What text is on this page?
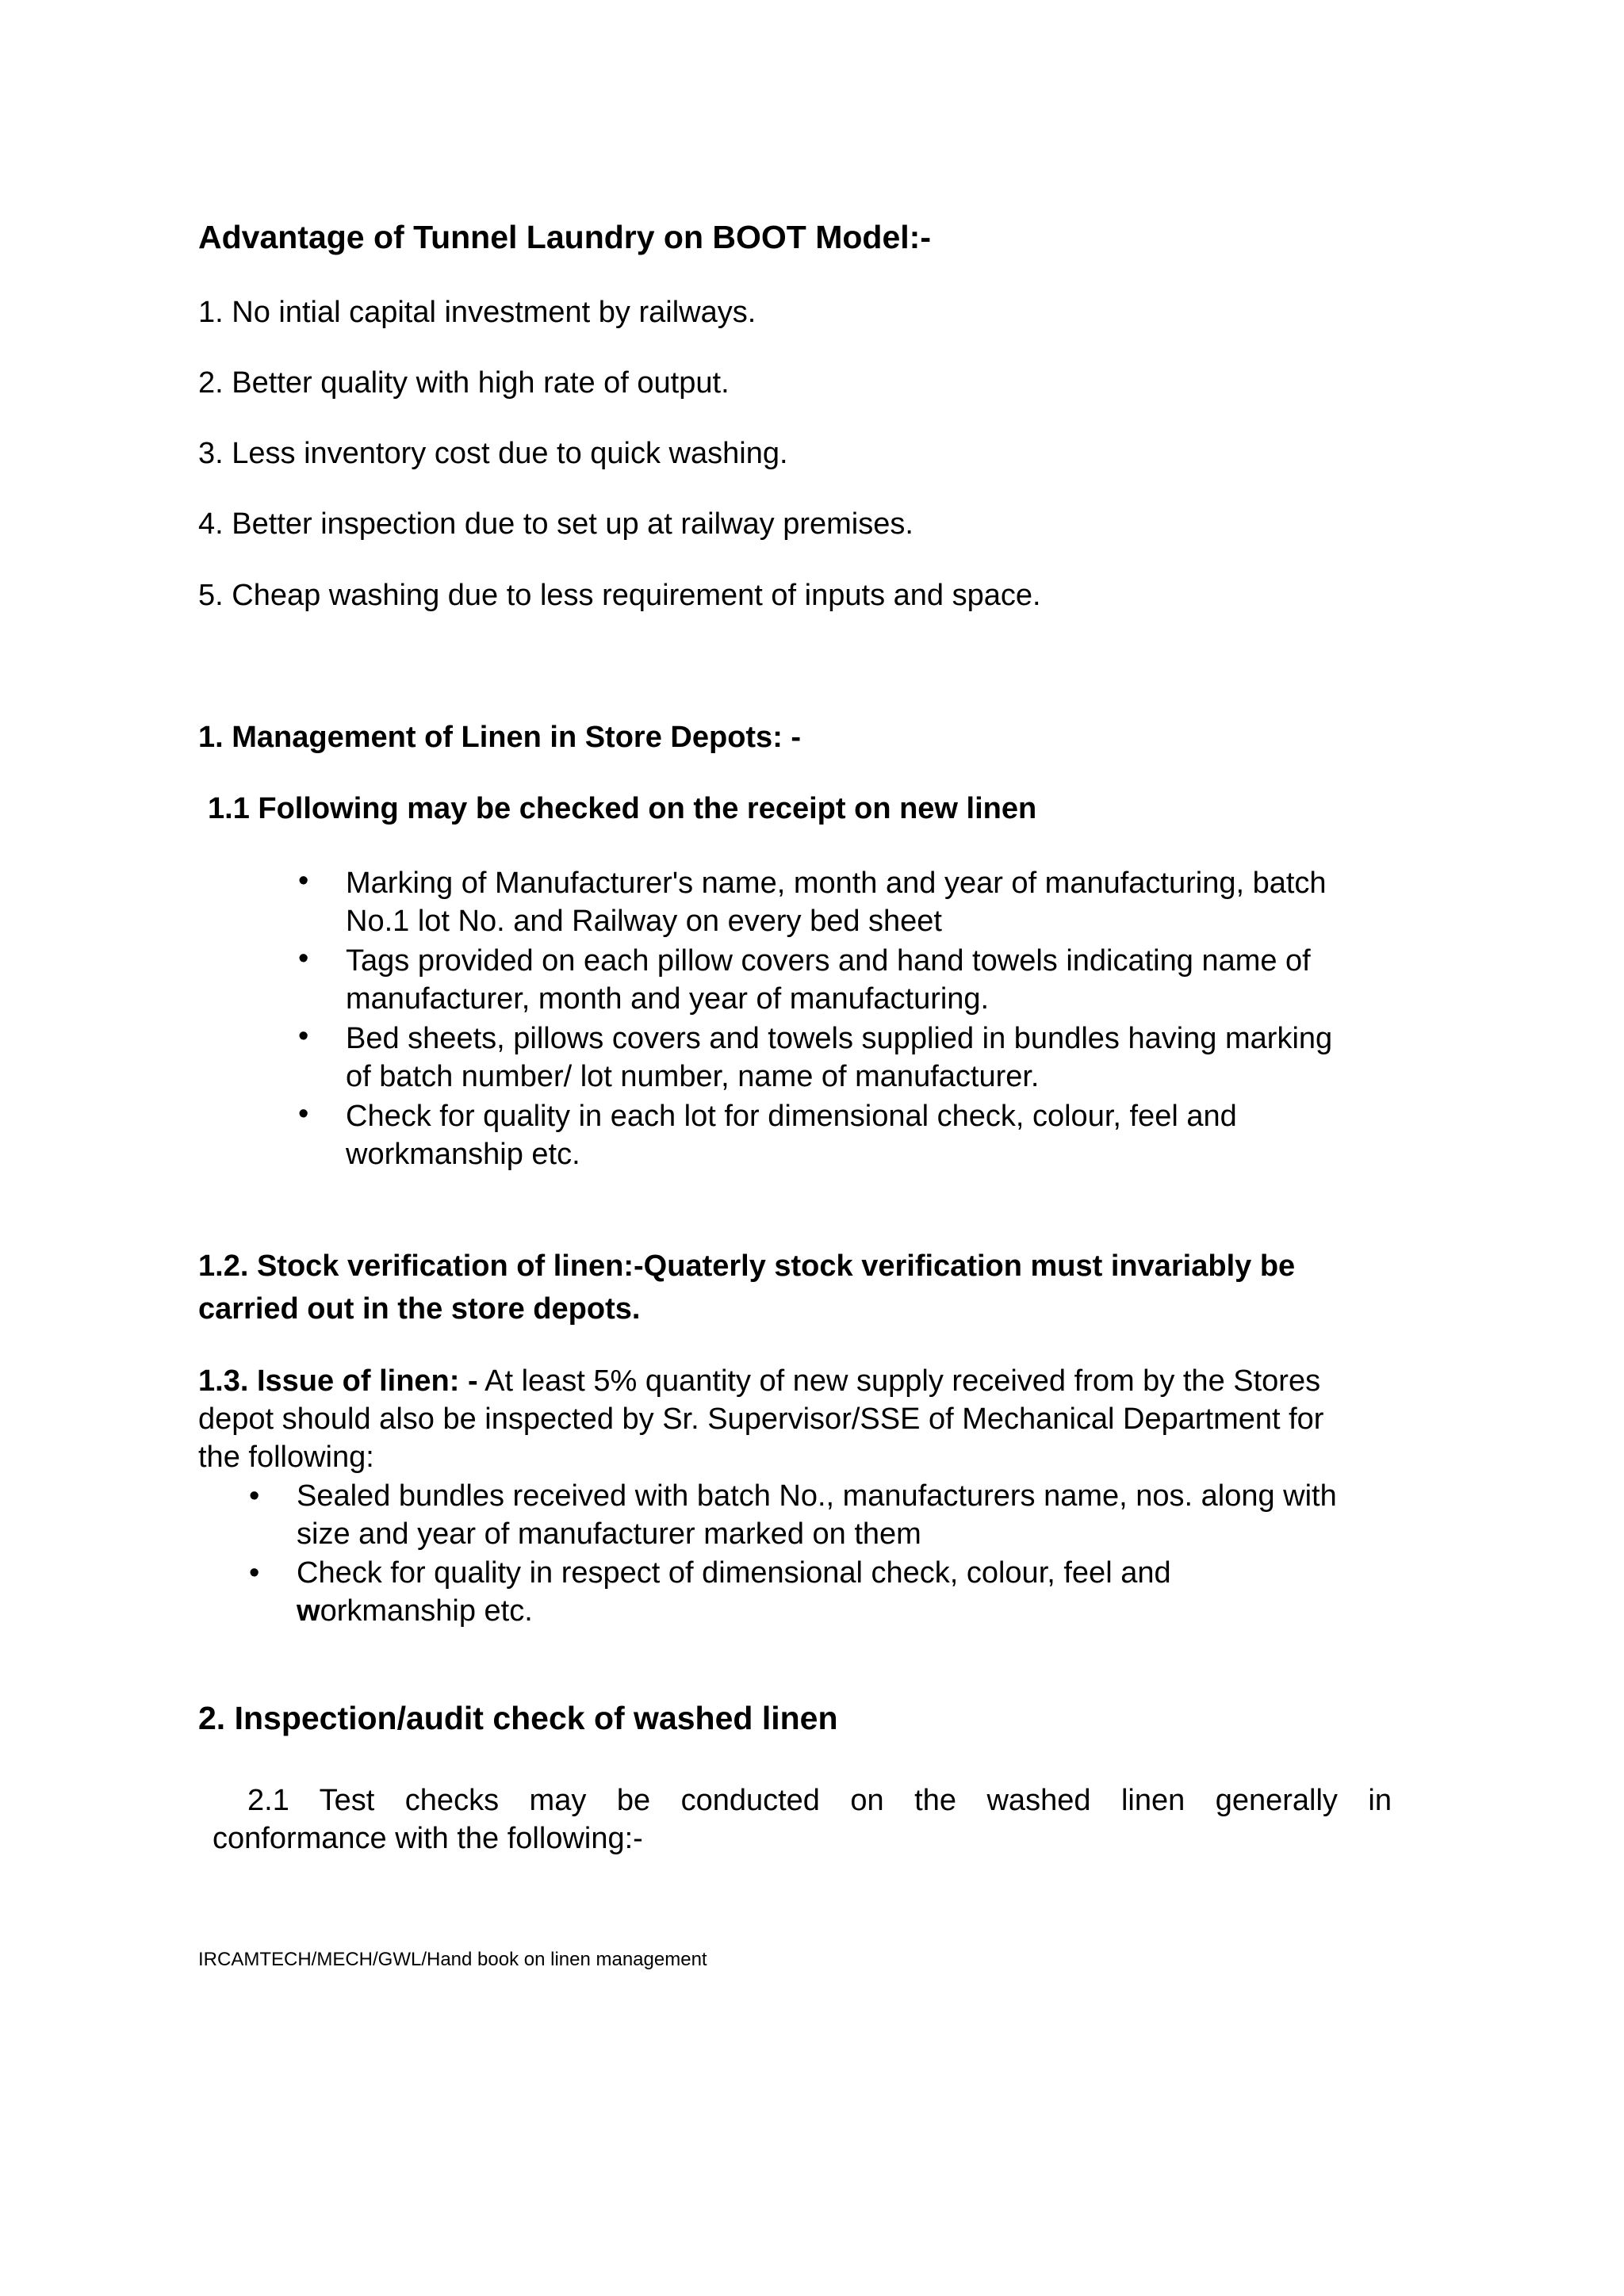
Advantage of Tunnel Laundry on BOOT Model:-
1. No intial capital investment by railways.
2. Better quality with high rate of output.
3. Less inventory cost due to quick washing.
4. Better inspection due to set up at railway premises.
5. Cheap washing due to less requirement of inputs and space.
1. Management of Linen in Store Depots: -
1.1 Following may be checked on the receipt on new linen
• Marking of Manufacturer's name, month and year of manufacturing, batch
No.1 lot No. and Railway on every bed sheet
• Tags provided on each pillow covers and hand towels indicating name of
manufacturer, month and year of manufacturing.
• Bed sheets, pillows covers and towels supplied in bundles having marking
of batch number/ lot number, name of manufacturer.
• Check for quality in each lot for dimensional check, colour, feel and
workmanship etc.
1.2. Stock verification of linen:-Quaterly stock verification must invariably be
carried out in the store depots.
1.3. Issue of linen: - At least 5% quantity of new supply received from by the Stores
depot should also be inspected by Sr. Supervisor/SSE of Mechanical Department for
the following:
• Sealed bundles received with batch No., manufacturers name, nos. along with
size and year of manufacturer marked on them
• Check for quality in respect of dimensional check, colour, feel and
workmanship etc.
2. Inspection/audit check of washed linen
2.1 Test checks may be conducted on the washed linen generally in
conformance with the following:-
IRCAMTECH/MECH/GWL/Hand book on linen management
